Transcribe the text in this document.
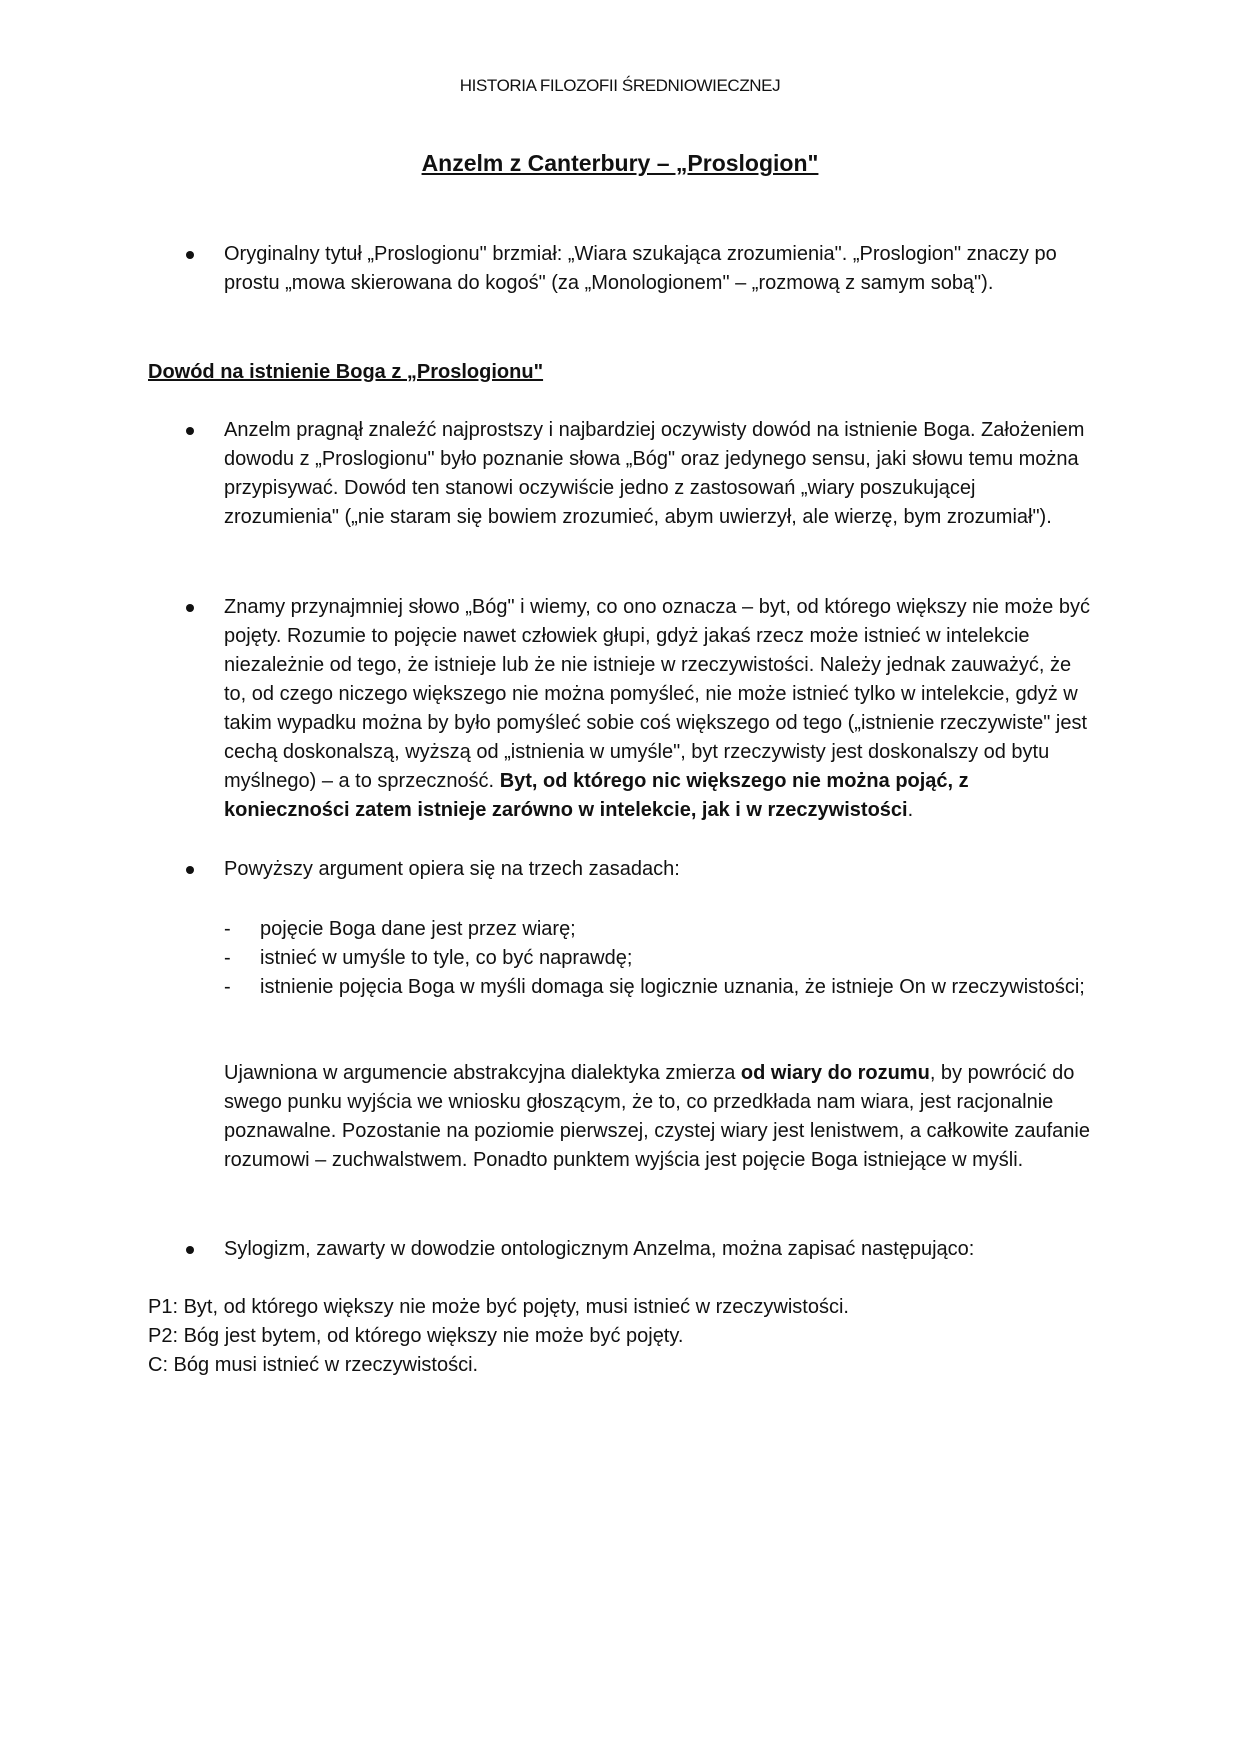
HISTORIA FILOZOFII ŚREDNIOWIECZNEJ
Anzelm z Canterbury – „Proslogion"

Oryginalny tytuł „Proslogionu" brzmiał: „Wiara szukająca zrozumienia". „Proslogion" znaczy po prostu „mowa skierowana do kogoś" (za „Monologionem" – „rozmową z samym sobą").

Dowód na istnienie Boga z „Proslogionu"

Anzelm pragnął znaleźć najprostszy i najbardziej oczywisty dowód na istnienie Boga. Założeniem dowodu z „Proslogionu" było poznanie słowa „Bóg" oraz jedynego sensu, jaki słowu temu można przypisywać. Dowód ten stanowi oczywiście jedno z zastosowań „wiary poszukującej zrozumienia" („nie staram się bowiem zrozumieć, abym uwierzył, ale wierzę, bym zrozumiał").

Znamy przynajmniej słowo „Bóg" i wiemy, co ono oznacza – byt, od którego większy nie może być pojęty. Rozumie to pojęcie nawet człowiek głupi, gdyż jakaś rzecz może istnieć w intelekcie niezależnie od tego, że istnieje lub że nie istnieje w rzeczywistości. Należy jednak zauważyć, że to, od czego niczego większego nie można pomyśleć, nie może istnieć tylko w intelekcie, gdyż w takim wypadku można by było pomyśleć sobie coś większego od tego („istnienie rzeczywiste" jest cechą doskonalszą, wyższą od „istnienia w umyśle", byt rzeczywisty jest doskonalszy od bytu myślnego) – a to sprzeczność. Byt, od którego nic większego nie można pojąć, z konieczności zatem istnieje zarówno w intelekcie, jak i w rzeczywistości.

Powyższy argument opiera się na trzech zasadach:

- pojęcie Boga dane jest przez wiarę;
- istnieć w umyśle to tyle, co być naprawdę;
- istnienie pojęcia Boga w myśli domaga się logicznie uznania, że istnieje On w rzeczywistości;

Ujawniona w argumencie abstrakcyjna dialektyka zmierza od wiary do rozumu, by powrócić do swego punku wyjścia we wniosku głoszącym, że to, co przedkłada nam wiara, jest racjonalnie poznawalne. Pozostanie na poziomie pierwszej, czystej wiary jest lenistwem, a całkowite zaufanie rozumowi – zuchwalstwem. Ponadto punktem wyjścia jest pojęcie Boga istniejące w myśli.

Sylogizm, zawarty w dowodzie ontologicznym Anzelma, można zapisać następująco:

P1: Byt, od którego większy nie może być pojęty, musi istnieć w rzeczywistości.
P2: Bóg jest bytem, od którego większy nie może być pojęty.
C: Bóg musi istnieć w rzeczywistości.
